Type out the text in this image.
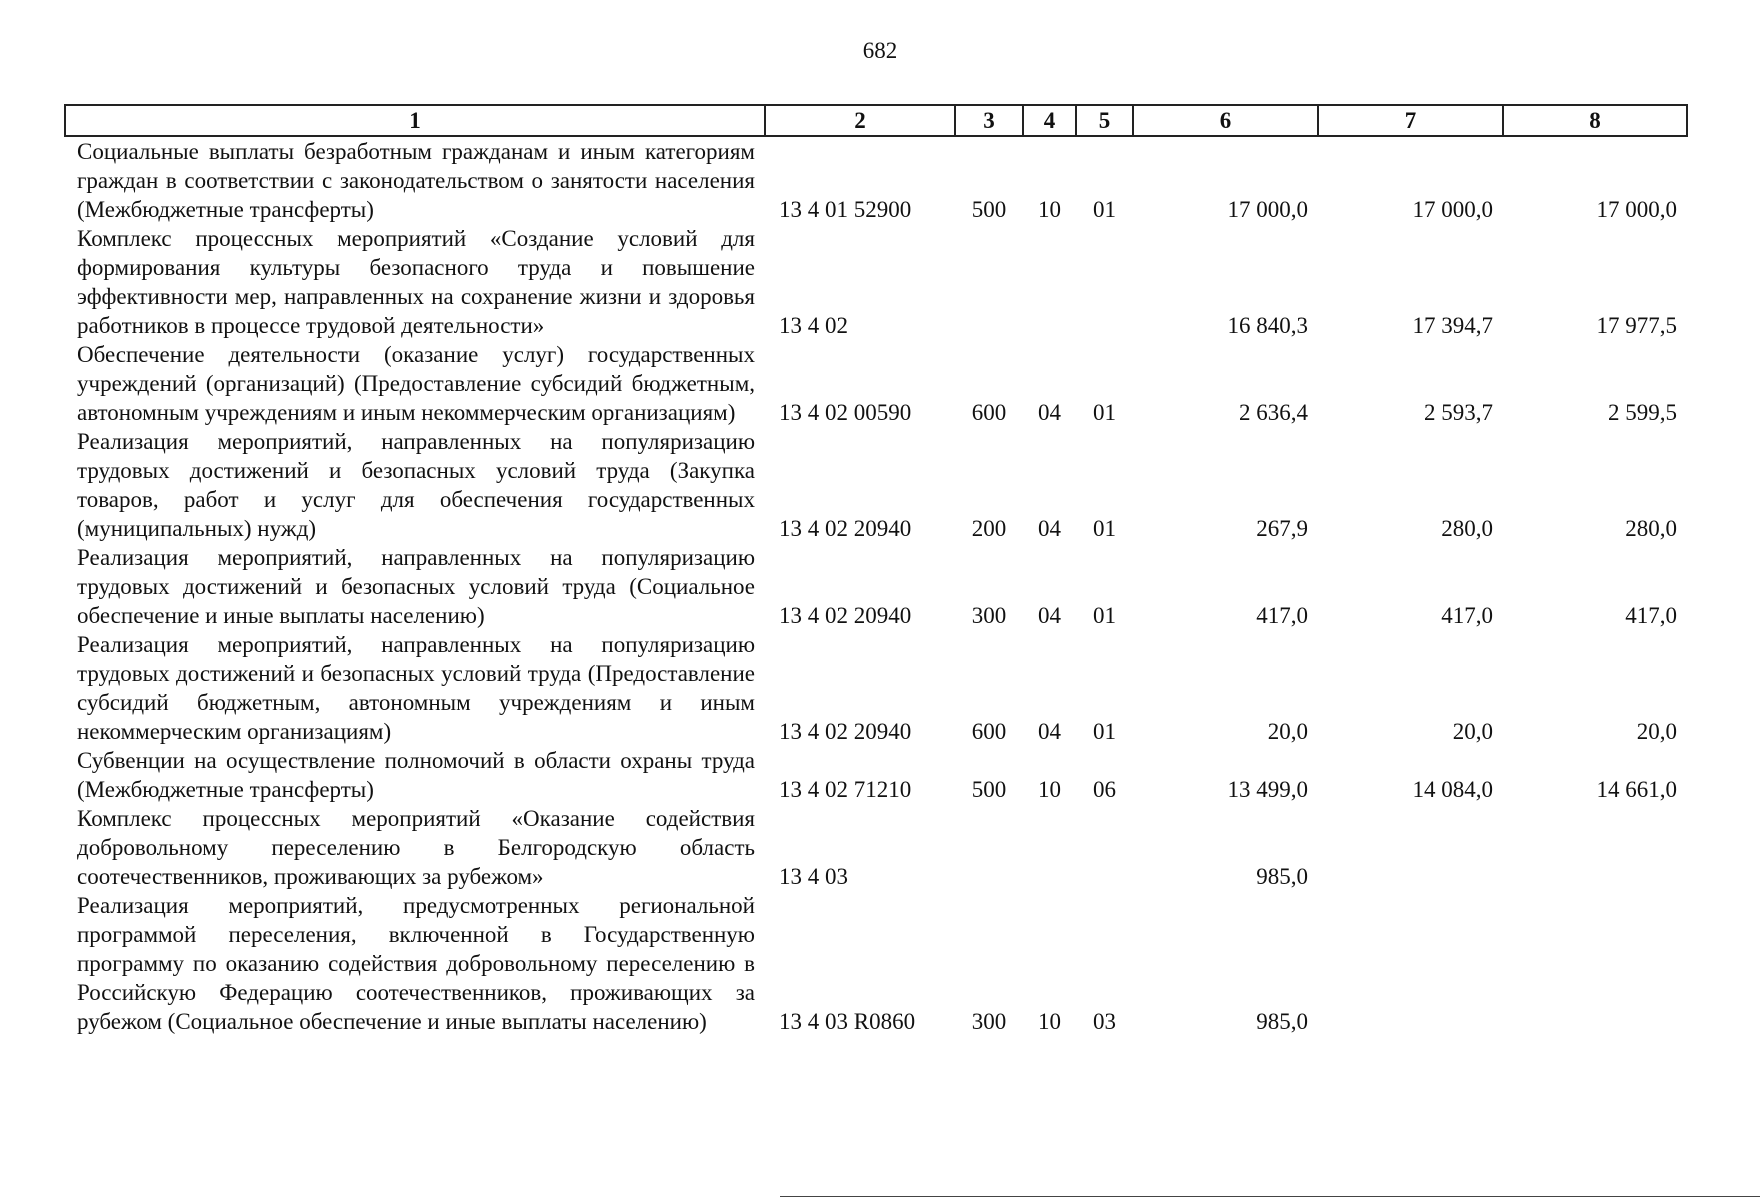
682
1	2	3	4	5	6	7	8
Социальные выплаты безработным гражданам и иным категориям граждан в соответствии с законодательством о занятости населения (Межбюджетные трансферты)	13 4 01 52900	500	10	01	17 000,0	17 000,0	17 000,0
Комплекс процессных мероприятий «Создание условий для формирования культуры безопасного труда и повышение эффективности мер, направленных на сохранение жизни и здоровья работников в процессе трудовой деятельности»	13 4 02				16 840,3	17 394,7	17 977,5
Обеспечение деятельности (оказание услуг) государственных учреждений (организаций) (Предоставление субсидий бюджетным, автономным учреждениям и иным некоммерческим организациям)	13 4 02 00590	600	04	01	2 636,4	2 593,7	2 599,5
Реализация мероприятий, направленных на популяризацию трудовых достижений и безопасных условий труда (Закупка товаров, работ и услуг для обеспечения государственных (муниципальных) нужд)	13 4 02 20940	200	04	01	267,9	280,0	280,0
Реализация мероприятий, направленных на популяризацию трудовых достижений и безопасных условий труда (Социальное обеспечение и иные выплаты населению)	13 4 02 20940	300	04	01	417,0	417,0	417,0
Реализация мероприятий, направленных на популяризацию трудовых достижений и безопасных условий труда (Предоставление субсидий бюджетным, автономным учреждениям и иным некоммерческим организациям)	13 4 02 20940	600	04	01	20,0	20,0	20,0
Субвенции на осуществление полномочий в области охраны труда (Межбюджетные трансферты)	13 4 02 71210	500	10	06	13 499,0	14 084,0	14 661,0
Комплекс процессных мероприятий «Оказание содействия добровольному переселению в Белгородскую область соотечественников, проживающих за рубежом»	13 4 03				985,0		
Реализация мероприятий, предусмотренных региональной программой переселения, включенной в Государственную программу по оказанию содействия добровольному переселению в Российскую Федерацию соотечественников, проживающих за рубежом (Социальное обеспечение и иные выплаты населению)	13 4 03 R0860	300	10	03	985,0		
